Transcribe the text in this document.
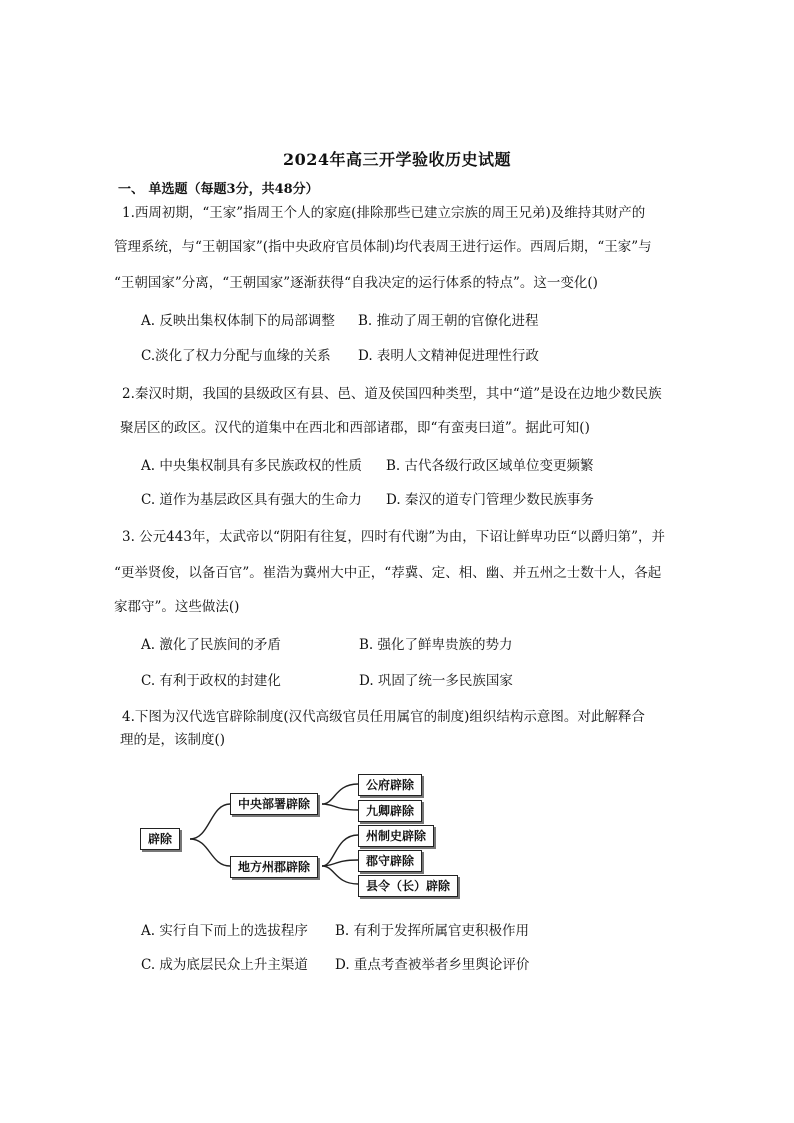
2024年高三开学验收历史试题
一、 单选题（每题3分，共48分）
1.西周初期，“王家”指周王个人的家庭(排除那些已建立宗族的周王兄弟)及维持其财产的
管理系统，与“王朝国家”(指中央政府官员体制)均代表周王进行运作。西周后期，“王家”与
“王朝国家”分离，“王朝国家”逐渐获得“自我决定的运行体系的特点”。这一变化()
A. 反映出集权体制下的局部调整 B. 推动了周王朝的官僚化进程
C.淡化了权力分配与血缘的关系 D. 表明人文精神促进理性行政
2.秦汉时期，我国的县级政区有县、邑、道及侯国四种类型，其中“道”是设在边地少数民族
聚居区的政区。汉代的道集中在西北和西部诸郡，即“有蛮夷曰道”。据此可知()
A. 中央集权制具有多民族政权的性质 B. 古代各级行政区域单位变更频繁
C. 道作为基层政区具有强大的生命力 D. 秦汉的道专门管理少数民族事务
3. 公元443年，太武帝以“阴阳有往复，四时有代谢”为由，下诏让鲜卑功臣“以爵归第”，并
“更举贤俊，以备百官”。崔浩为冀州大中正，“荐冀、定、相、幽、并五州之士数十人，各起
家郡守”。这些做法()
A. 激化了民族间的矛盾	B. 强化了鲜卑贵族的势力
C. 有利于政权的封建化	D. 巩固了统一多民族国家
4.下图为汉代选官辟除制度(汉代高级官员任用属官的制度)组织结构示意图。对此解释合
理的是，该制度()
辟除
中央部署辟除
地方州郡辟除
公府辟除
九卿辟除
州制史辟除
郡守辟除
县令（长）辟除
A. 实行自下而上的选拔程序 B. 有利于发挥所属官吏积极作用
C. 成为底层民众上升主渠道 D. 重点考查被举者乡里舆论评价
